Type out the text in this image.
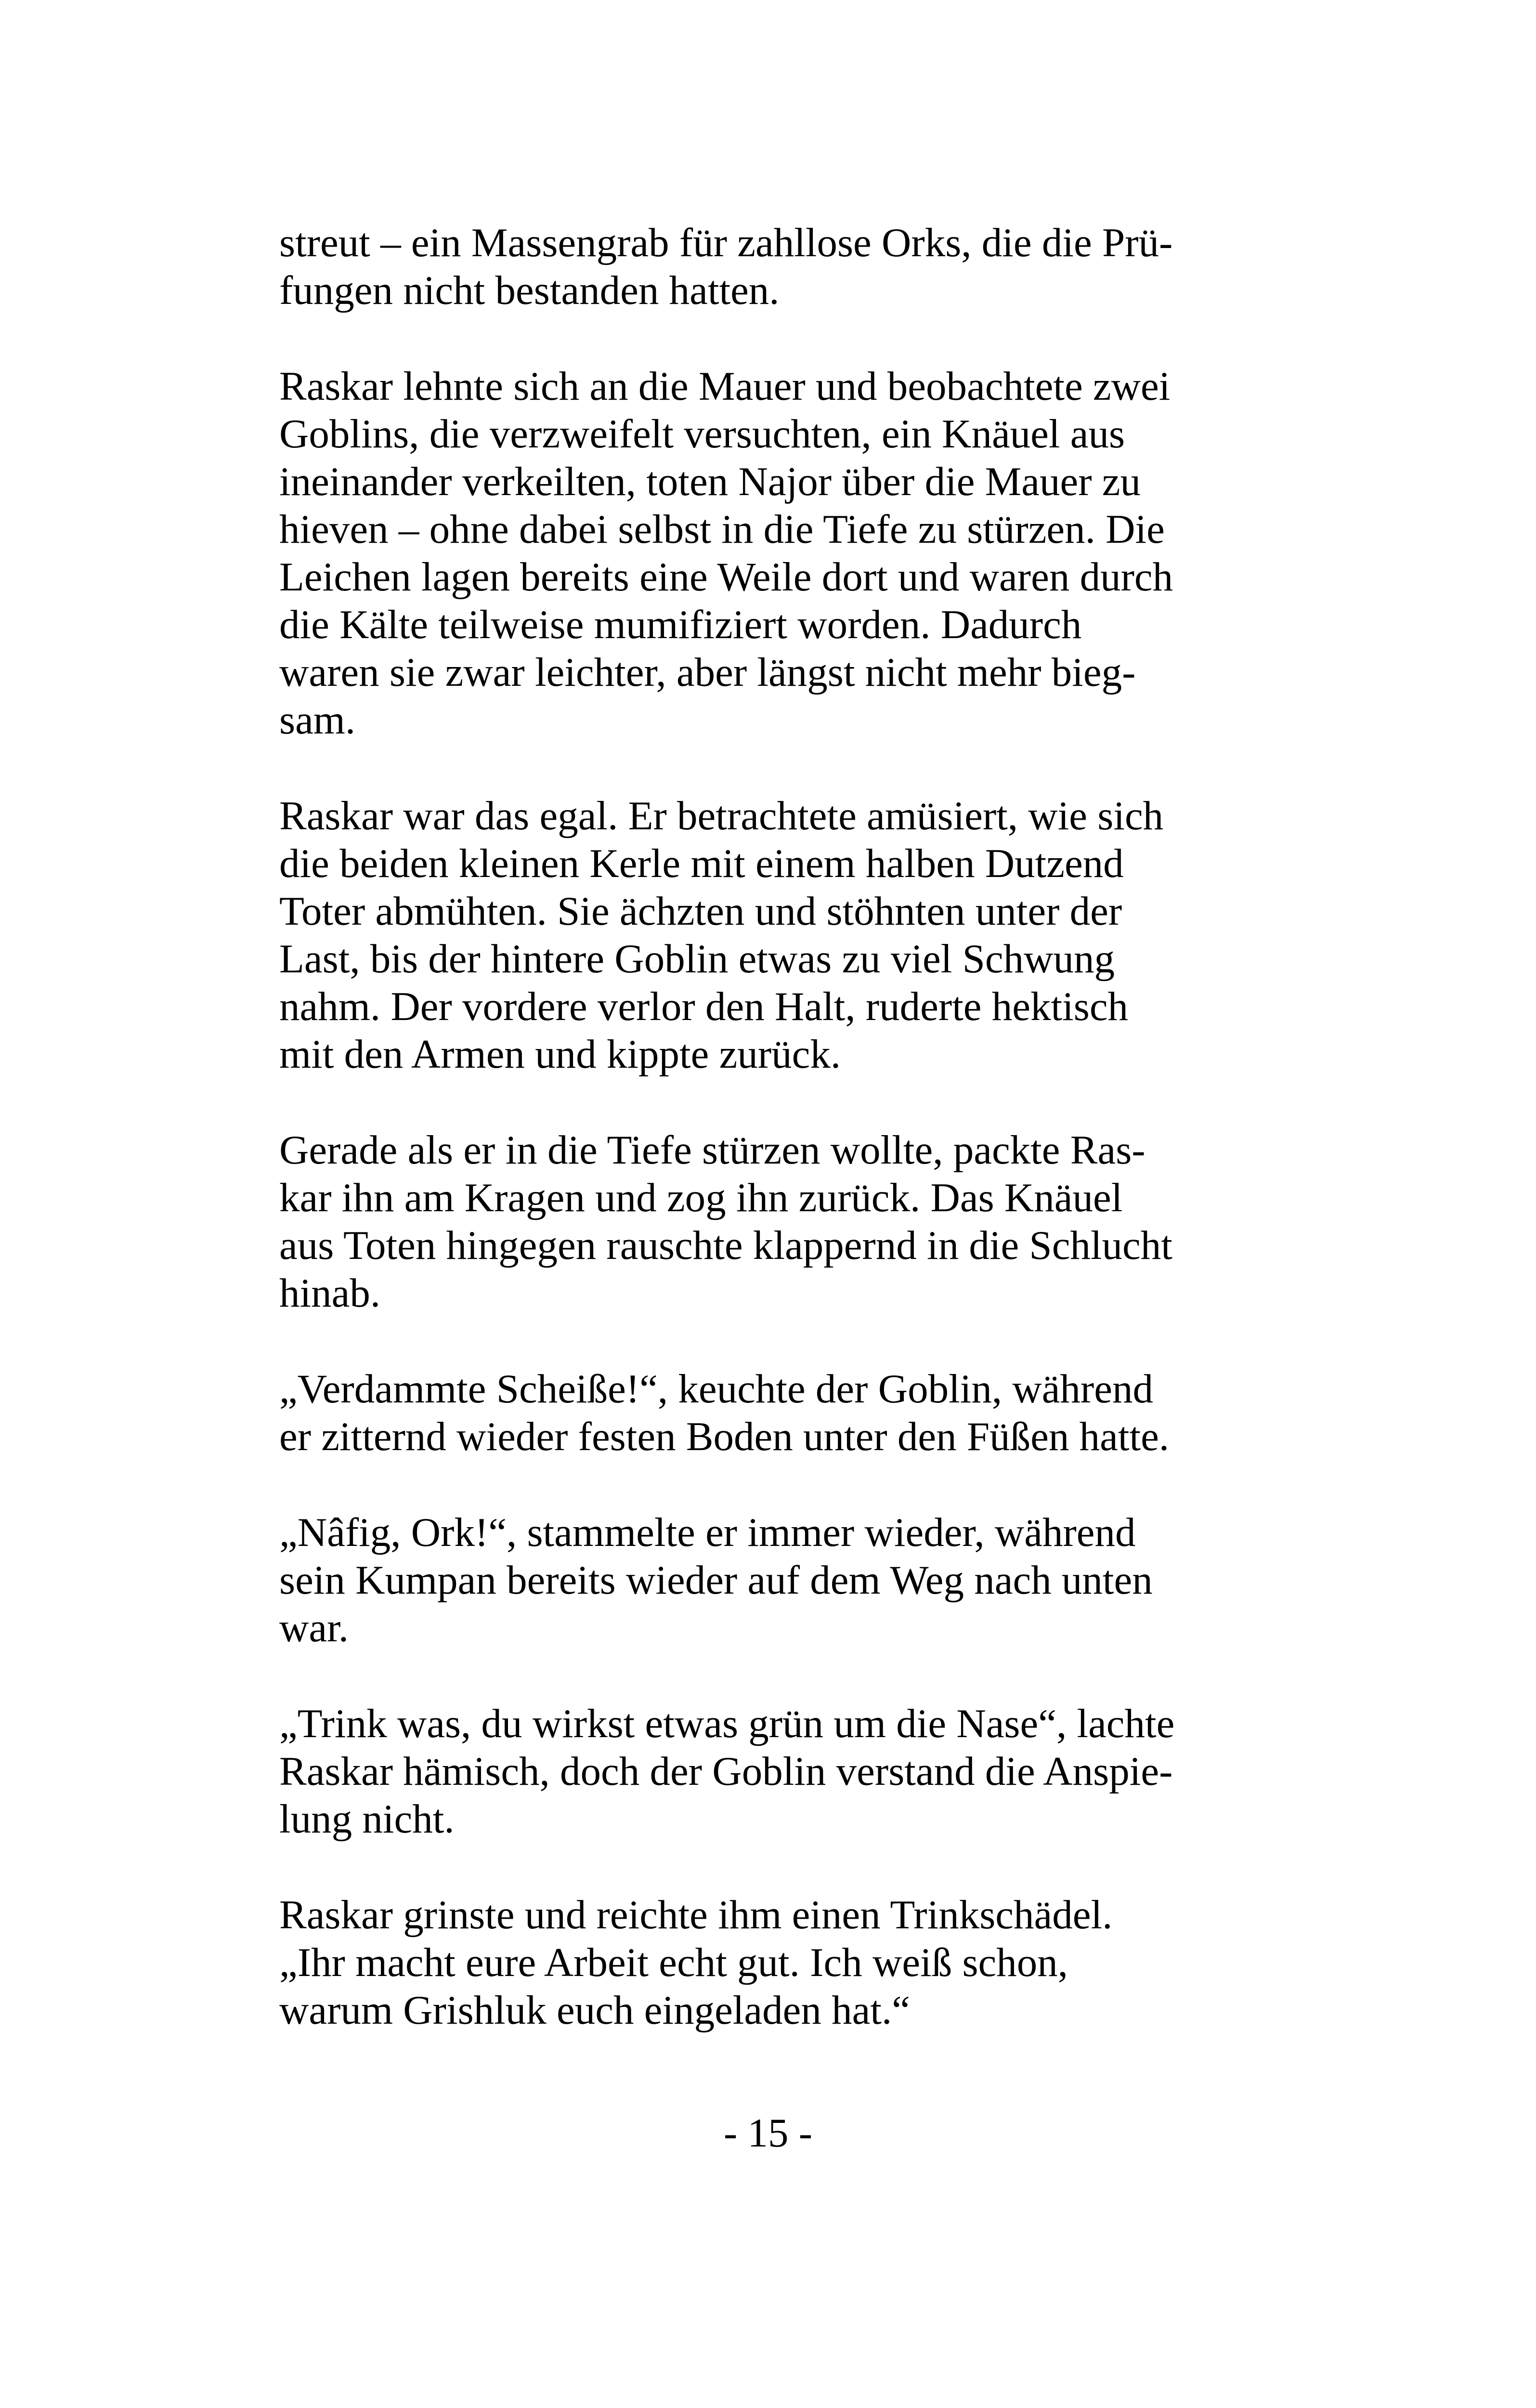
streut – ein Massengrab für zahllose Orks, die die Prü-
fungen nicht bestanden hatten.

Raskar lehnte sich an die Mauer und beobachtete zwei
Goblins, die verzweifelt versuchten, ein Knäuel aus
ineinander verkeilten, toten Najor über die Mauer zu
hieven – ohne dabei selbst in die Tiefe zu stürzen. Die
Leichen lagen bereits eine Weile dort und waren durch
die Kälte teilweise mumifiziert worden. Dadurch
waren sie zwar leichter, aber längst nicht mehr bieg-
sam.

Raskar war das egal. Er betrachtete amüsiert, wie sich
die beiden kleinen Kerle mit einem halben Dutzend
Toter abmühten. Sie ächzten und stöhnten unter der
Last, bis der hintere Goblin etwas zu viel Schwung
nahm. Der vordere verlor den Halt, ruderte hektisch
mit den Armen und kippte zurück.

Gerade als er in die Tiefe stürzen wollte, packte Ras-
kar ihn am Kragen und zog ihn zurück. Das Knäuel
aus Toten hingegen rauschte klappernd in die Schlucht
hinab.

„Verdammte Scheiße!“, keuchte der Goblin, während
er zitternd wieder festen Boden unter den Füßen hatte.

„Nâfig, Ork!“, stammelte er immer wieder, während
sein Kumpan bereits wieder auf dem Weg nach unten
war.

„Trink was, du wirkst etwas grün um die Nase“, lachte
Raskar hämisch, doch der Goblin verstand die Anspie-
lung nicht.

Raskar grinste und reichte ihm einen Trinkschädel.
„Ihr macht eure Arbeit echt gut. Ich weiß schon,
warum Grishluk euch eingeladen hat.“

- 15 -
